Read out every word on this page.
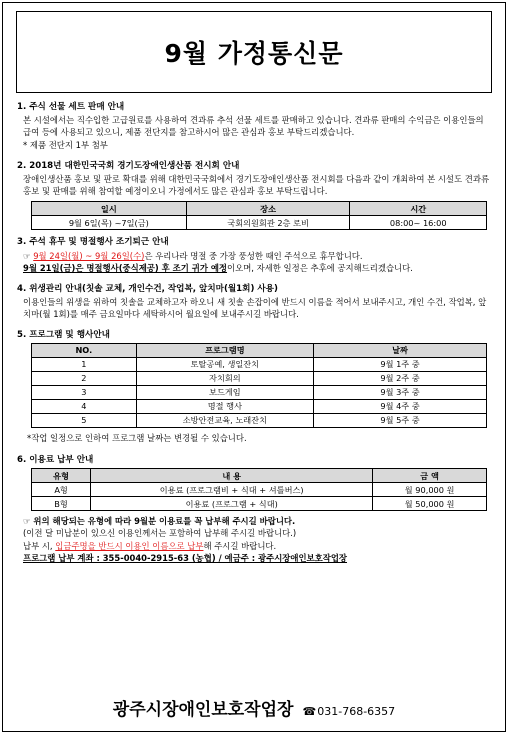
9월 가정통신문
1. 주식 선물 세트 판매 안내
본 시설에서는 직수입한 고급원료를 사용하여 견과류 추석 선물 세트를 판매하고 있습니다. 견과류 판매의 수익금은 이용인들의 급여 등에 사용되고 있으니, 제품 전단지를 참고하시어 많은 관심과 홍보 부탁드리겠습니다.
* 제품 전단지 1부 첨부
2. 2018년 대한민국국회 경기도장애인생산품 전시회 안내
장애인생산품 홍보 및 판로 확대를 위해 대한민국국회에서 경기도장애인생산품 전시회를 다음과 같이 개최하여 본 시설도 견과류 홍보 및 판매를 위해 참여할 예정이오니 가정에서도 많은 관심과 홍보 부탁드립니다.
일시	장소	시간
9월 6일(목) ~7일(금)	국회의원회관 2층 로비	08:00~ 16:00
3. 주석 휴무 및 명절행사 조기퇴근 안내
☞ 9월 24일(월) ~ 9월 26일(수)은 우리나라 명절 중 가장 풍성한 때인 주석으로 휴무합니다.
9월 21일(금)은 명절행사(중식제공) 후 조기 귀가 예정이오며, 자세한 일정은 추후에 공지해드리겠습니다.
4. 위생관리 안내(칫솔 교체, 개인수건, 작업복, 앞치마(월1회) 사용)
이용인들의 위생을 위하여 칫솔을 교체하고자 하오니 새 칫솔 손잡이에 반드시 이름을 적어서 보내주시고, 개인 수건, 작업복, 앞치마(월 1회)를 매주 금요일마다 세탁하시어 월요일에 보내주시길 바랍니다.
5. 프로그램 및 행사안내
NO.	프로그램명	날짜
1	토탈공예, 생일잔치	9월 1주 중
2	자치회의	9월 2주 중
3	보드게임	9월 3주 중
4	명절 행사	9월 4주 중
5	소방안전교육, 노래잔치	9월 5주 중
*작업 일정으로 인하여 프로그램 날짜는 변경될 수 있습니다.
6. 이용료 납부 안내
유형	내 용	금 액
A형	이용료 (프로그램비 + 식대 + 셔틀버스)	월 90,000 원
B형	이용료 (프로그램 + 식대)	월 50,000 원
☞ 위의 해당되는 유형에 따라 9월분 이용료를 꼭 납부해 주시길 바랍니다.
(이전 달 미납분이 있으신 이용인께서는 포함하여 납부해 주시길 바랍니다.)
납부 시, 입금주명을 반드시 이용인 이름으로 납부해 주시길 바랍니다.
프로그램 납부 계좌 : 355-0040-2915-63 (농협) / 예금주 : 광주시장애인보호작업장
광주시장애인보호작업장 ☎031-768-6357
